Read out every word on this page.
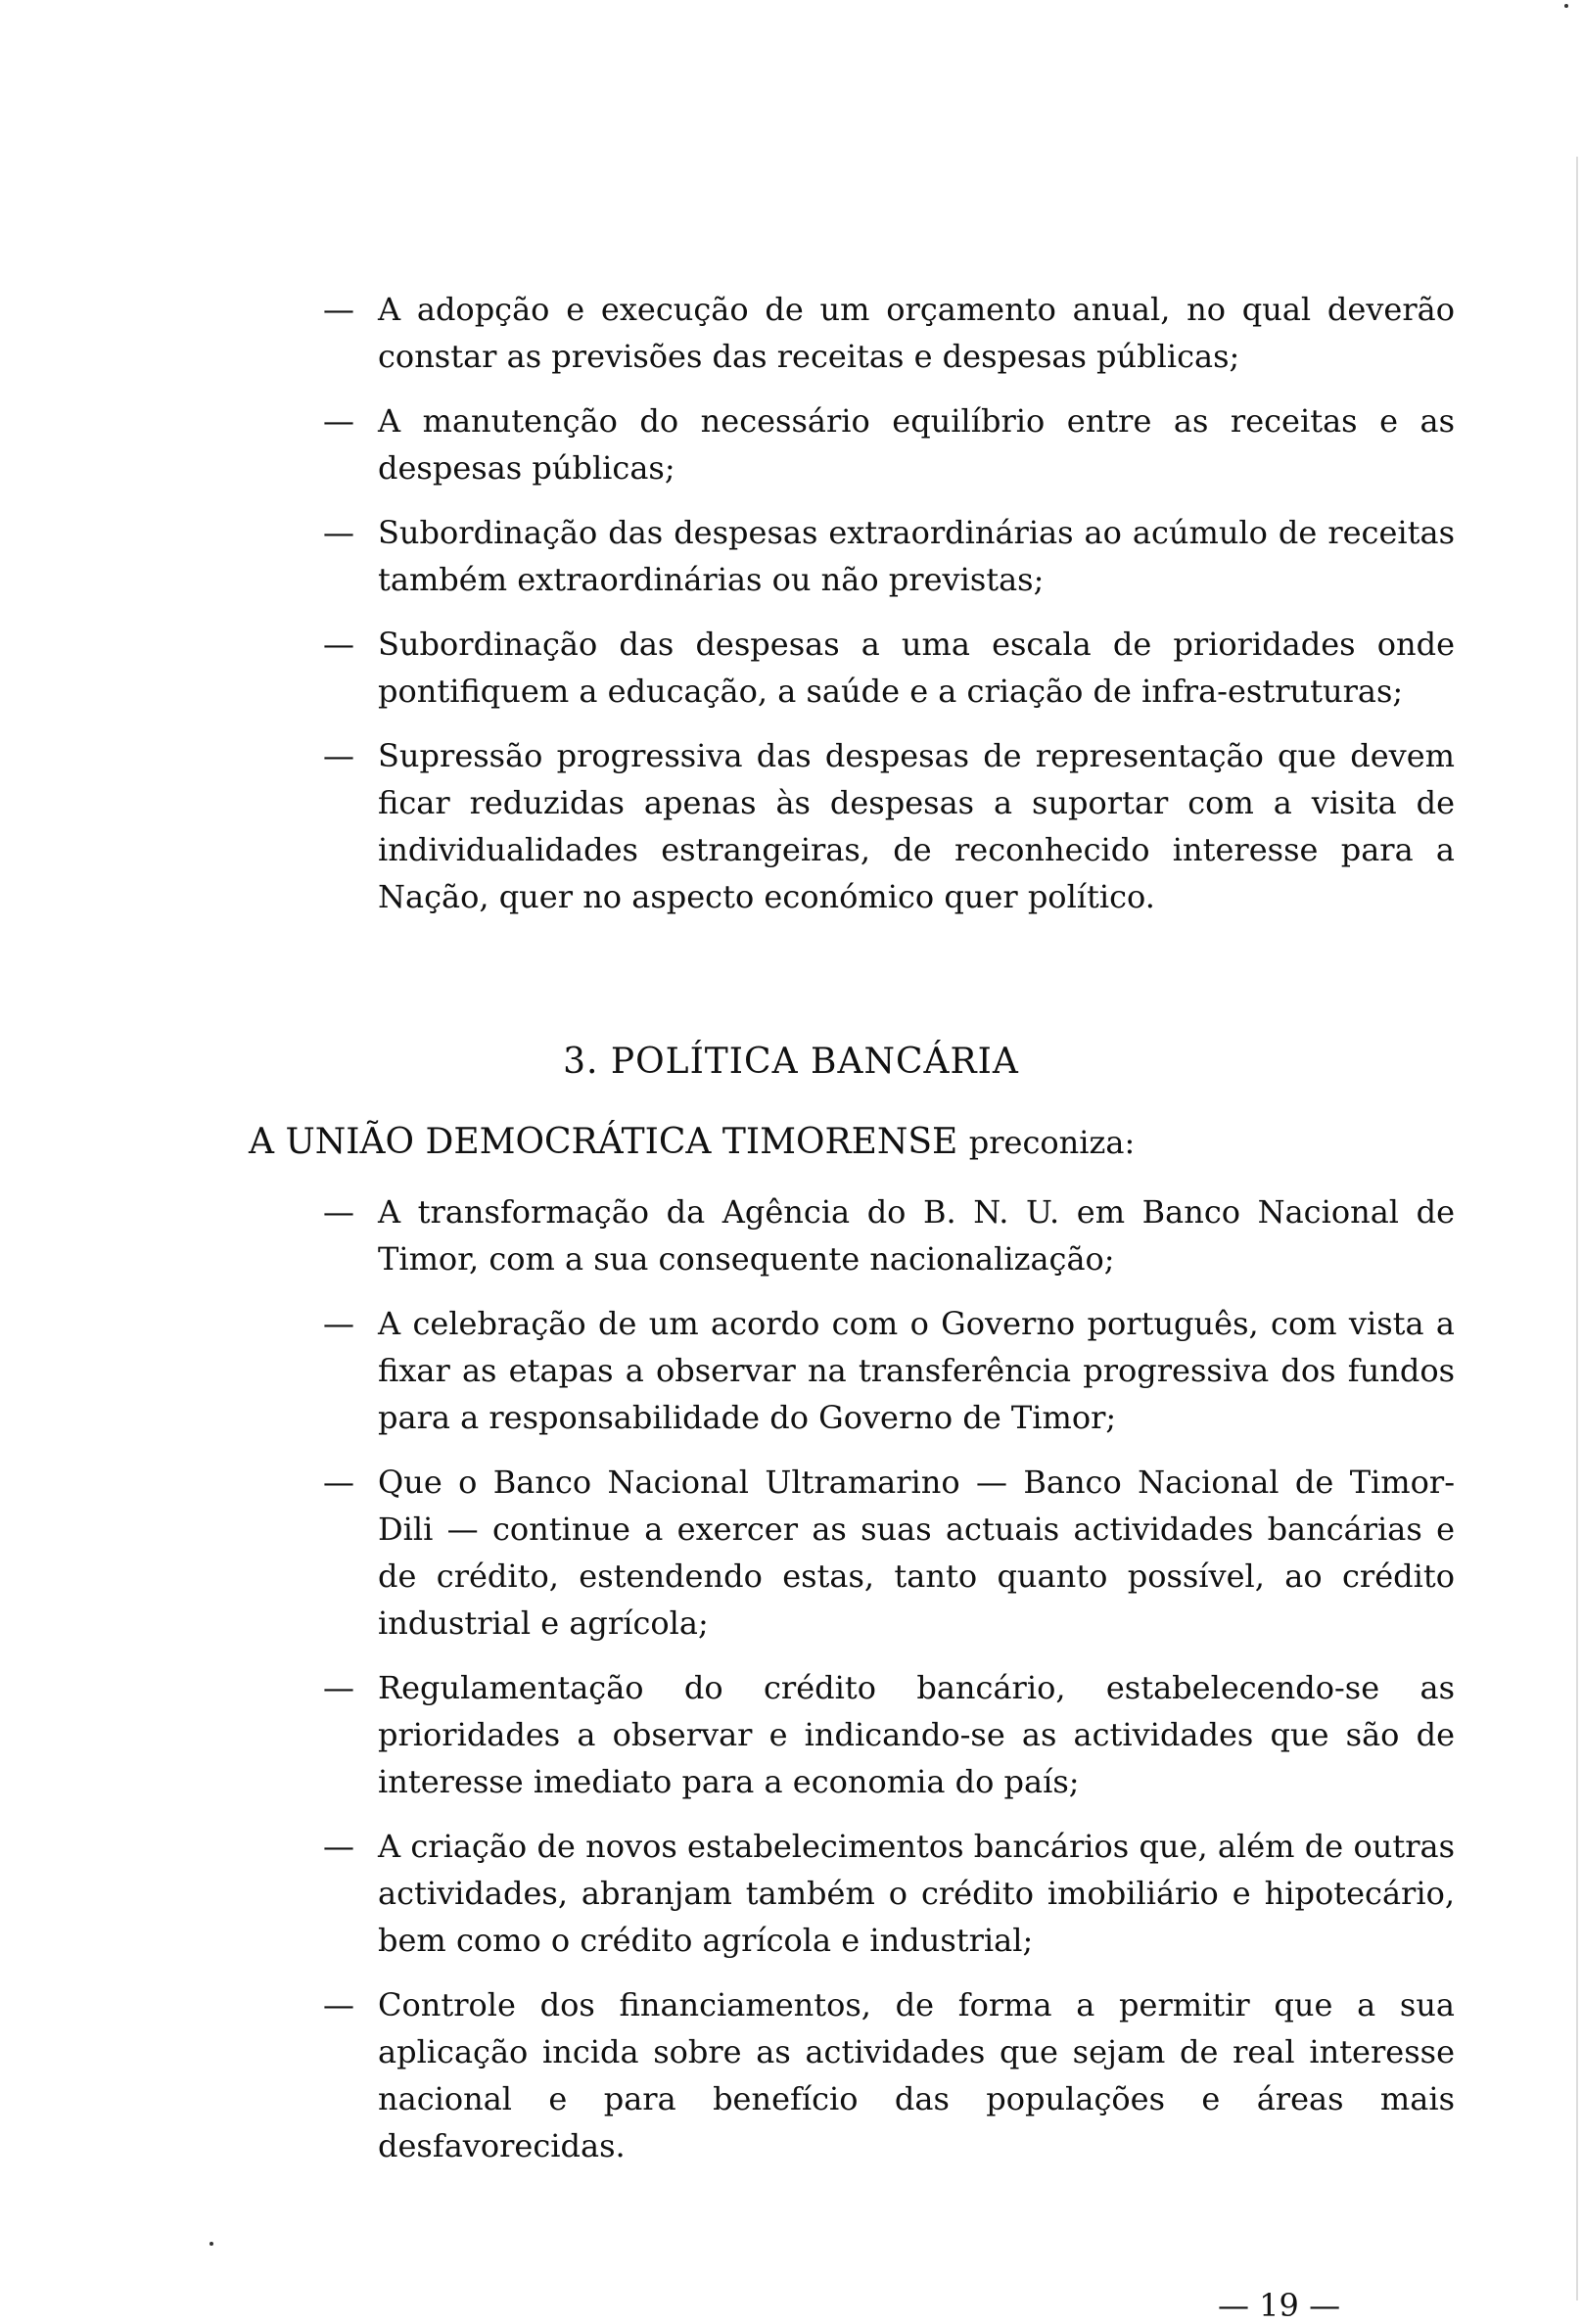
— A adopção e execução de um orçamento anual, no qual deverão constar as previsões das receitas e despesas públicas;
— A manutenção do necessário equilíbrio entre as receitas e as despesas públicas;
— Subordinação das despesas extraordinárias ao acúmulo de receitas também extraordinárias ou não previstas;
— Subordinação das despesas a uma escala de prioridades onde pontifiquem a educação, a saúde e a criação de infra-estruturas;
— Supressão progressiva das despesas de representação que devem ficar reduzidas apenas às despesas a suportar com a visita de individualidades estrangeiras, de reconhecido interesse para a Nação, quer no aspecto económico quer político.
3. POLÍTICA BANCÁRIA
A UNIÃO DEMOCRÁTICA TIMORENSE preconiza:
— A transformação da Agência do B. N. U. em Banco Nacional de Timor, com a sua consequente nacionalização;
— A celebração de um acordo com o Governo português, com vista a fixar as etapas a observar na transferência progressiva dos fundos para a responsabilidade do Governo de Timor;
— Que o Banco Nacional Ultramarino — Banco Nacional de Timor-Dili — continue a exercer as suas actuais actividades bancárias e de crédito, estendendo estas, tanto quanto possível, ao crédito industrial e agrícola;
— Regulamentação do crédito bancário, estabelecendo-se as prioridades a observar e indicando-se as actividades que são de interesse imediato para a economia do país;
— A criação de novos estabelecimentos bancários que, além de outras actividades, abranjam também o crédito imobiliário e hipotecário, bem como o crédito agrícola e industrial;
— Controle dos financiamentos, de forma a permitir que a sua aplicação incida sobre as actividades que sejam de real interesse nacional e para benefício das populações e áreas mais desfavorecidas.
— 19 —
